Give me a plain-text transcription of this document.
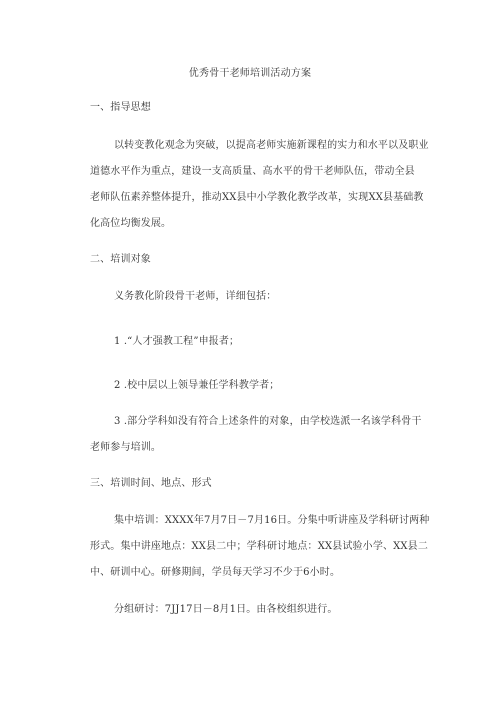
优秀骨干老师培训活动方案
一、指导思想
以转变教化观念为突破，以提高老师实施新课程的实力和水平以及职业
道德水平作为重点，建设一支高质量、高水平的骨干老师队伍，带动全县
老师队伍素养整体提升，推动XX县中小学教化教学改革，实现XX县基础教
化高位均衡发展。
二、培训对象
义务教化阶段骨干老师，详细包括：
1 .“人才强教工程”申报者；
2 .校中层以上领导兼任学科教学者；
3 .部分学科如没有符合上述条件的对象，由学校选派一名该学科骨干
老师参与培训。
三、培训时间、地点、形式
集中培训：XXXX年7月7日－7月16日。分集中听讲座及学科研讨两种
形式。集中讲座地点：XX县二中；学科研讨地点：XX县试验小学、XX县二
中、研训中心。研修期间，学员每天学习不少于6小时。
分组研讨：7JJ17日－8月1日。由各校组织进行。
